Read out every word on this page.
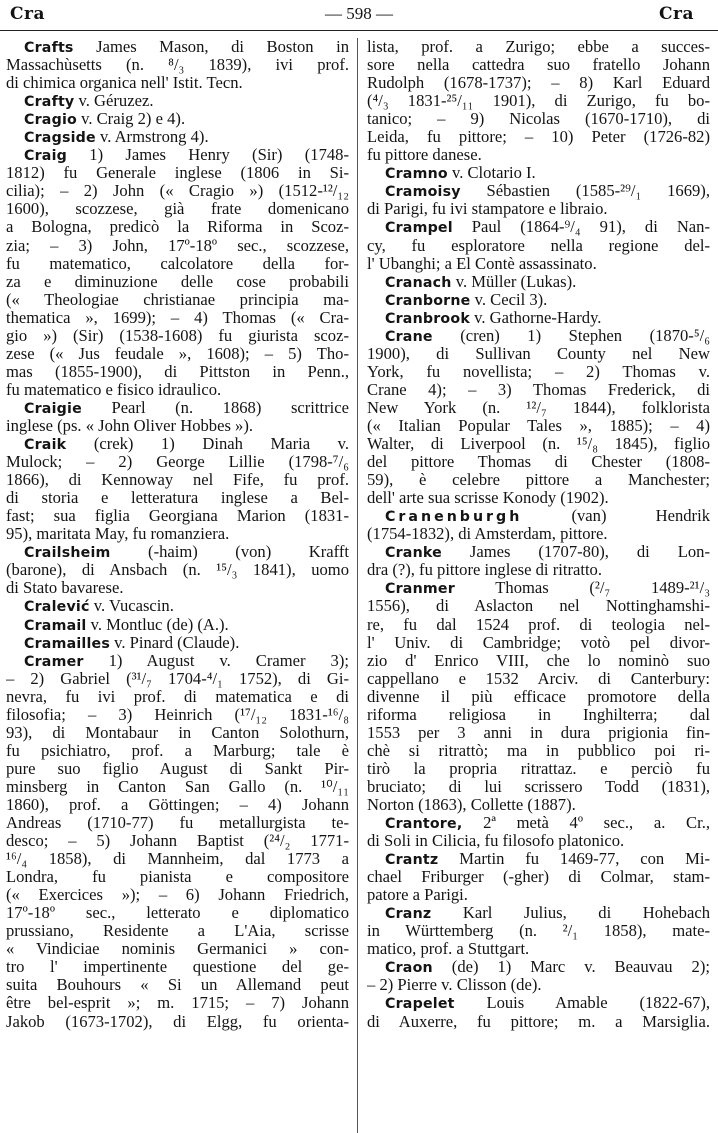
Cra	— 598 —	Cra
Crafts James Mason, di Boston in
Massachùsetts (n. ⁸/₃ 1839), ivi prof.
di chimica organica nell' Istit. Tecn.
Crafty v. Géruzez.
Cragio v. Craig 2) e 4).
Cragside v. Armstrong 4).
Craig 1) James Henry (Sir) (1748-
1812) fu Generale inglese (1806 in Si-
cilia); – 2) John (« Cragio ») (1512-¹²/₁₂
1600), scozzese, già frate domenicano
a Bologna, predicò la Riforma in Scoz-
zia; – 3) John, 17º-18º sec., scozzese,
fu matematico, calcolatore della for-
za e diminuzione delle cose probabili
(« Theologiae christianae principia ma-
thematica », 1699); – 4) Thomas (« Cra-
gio ») (Sir) (1538-1608) fu giurista scoz-
zese (« Jus feudale », 1608); – 5) Tho-
mas (1855-1900), di Pittston in Penn.,
fu matematico e fisico idraulico.
Craigie Pearl (n. 1868) scrittrice
inglese (ps. « John Oliver Hobbes »).
Craik (crek) 1) Dinah Maria v.
Mulock; – 2) George Lillie (1798-⁷/₆
1866), di Kennoway nel Fife, fu prof.
di storia e letteratura inglese a Bel-
fast; sua figlia Georgiana Marion (1831-
95), maritata May, fu romanziera.
Crailsheim (-haim) (von) Krafft
(barone), di Ansbach (n. ¹⁵/₃ 1841), uomo
di Stato bavarese.
Cralević v. Vucascin.
Cramail v. Montluc (de) (A.).
Cramailles v. Pinard (Claude).
Cramer 1) August v. Cramer 3);
– 2) Gabriel (³¹/₇ 1704-⁴/₁ 1752), di Gi-
nevra, fu ivi prof. di matematica e di
filosofia; – 3) Heinrich (¹⁷/₁₂ 1831-¹⁶/₈
93), di Montabaur in Canton Solothurn,
fu psichiatro, prof. a Marburg; tale è
pure suo figlio August di Sankt Pir-
minsberg in Canton San Gallo (n. ¹⁰/₁₁
1860), prof. a Göttingen; – 4) Johann
Andreas (1710-77) fu metallurgista te-
desco; – 5) Johann Baptist (²⁴/₂ 1771-
¹⁶/₄ 1858), di Mannheim, dal 1773 a
Londra, fu pianista e compositore
(« Exercices »); – 6) Johann Friedrich,
17º-18º sec., letterato e diplomatico
prussiano, Residente a L'Aia, scrisse
« Vindiciae nominis Germanici » con-
tro l' impertinente questione del ge-
suita Bouhours « Si un Allemand peut
être bel-esprit »; m. 1715; – 7) Johann
Jakob (1673-1702), di Elgg, fu orienta-
lista, prof. a Zurigo; ebbe a succes-
sore nella cattedra suo fratello Johann
Rudolph (1678-1737); – 8) Karl Eduard
(⁴/₃ 1831-²⁵/₁₁ 1901), di Zurigo, fu bo-
tanico; – 9) Nicolas (1670-1710), di
Leida, fu pittore; – 10) Peter (1726-82)
fu pittore danese.
Cramno v. Clotario I.
Cramoisy Sébastien (1585-²⁹/₁ 1669),
di Parigi, fu ivi stampatore e libraio.
Crampel Paul (1864-⁹/₄ 91), di Nan-
cy, fu esploratore nella regione del-
l' Ubanghi; a El Contè assassinato.
Cranach v. Müller (Lukas).
Cranborne v. Cecil 3).
Cranbrook v. Gathorne-Hardy.
Crane (cren) 1) Stephen (1870-⁵/₆
1900), di Sullivan County nel New
York, fu novellista; – 2) Thomas v.
Crane 4); – 3) Thomas Frederick, di
New York (n. ¹²/₇ 1844), folklorista
(« Italian Popular Tales », 1885); – 4)
Walter, di Liverpool (n. ¹⁵/₈ 1845), figlio
del pittore Thomas di Chester (1808-
59), è celebre pittore a Manchester;
dell' arte sua scrisse Konody (1902).
Cranenburgh (van) Hendrik
(1754-1832), di Amsterdam, pittore.
Cranke James (1707-80), di Lon-
dra (?), fu pittore inglese di ritratto.
Cranmer Thomas (²/₇ 1489-²¹/₃
1556), di Aslacton nel Nottinghamshi-
re, fu dal 1524 prof. di teologia nel-
l' Univ. di Cambridge; votò pel divor-
zio d' Enrico VIII, che lo nominò suo
cappellano e 1532 Arciv. di Canterbury:
divenne il più efficace promotore della
riforma religiosa in Inghilterra; dal
1553 per 3 anni in dura prigionia fin-
chè si ritrattò; ma in pubblico poi ri-
tirò la propria ritrattaz. e perciò fu
bruciato; di lui scrissero Todd (1831),
Norton (1863), Collette (1887).
Crantore, 2ª metà 4º sec., a. Cr.,
di Soli in Cilicia, fu filosofo platonico.
Crantz Martin fu 1469-77, con Mi-
chael Friburger (-gher) di Colmar, stam-
patore a Parigi.
Cranz Karl Julius, di Hohebach
in Württemberg (n. ²/₁ 1858), mate-
matico, prof. a Stuttgart.
Craon (de) 1) Marc v. Beauvau 2);
– 2) Pierre v. Clisson (de).
Crapelet Louis Amable (1822-67),
di Auxerre, fu pittore; m. a Marsiglia.
